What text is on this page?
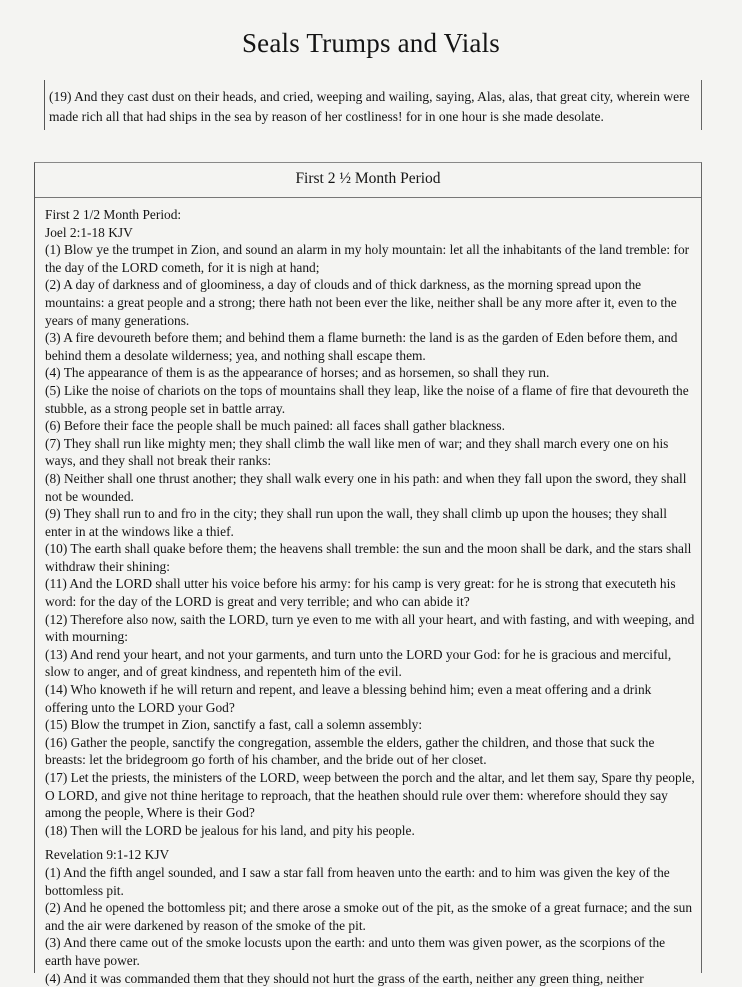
Seals Trumps and Vials

(19) And they cast dust on their heads, and cried, weeping and wailing, saying, Alas, alas, that great city, wherein were made rich all that had ships in the sea by reason of her costliness! for in one hour is she made desolate.

First 2 ½ Month Period

First 2 1/2 Month Period:

Joel 2:1-18 KJV

(1) Blow ye the trumpet in Zion, and sound an alarm in my holy mountain: let all the inhabitants of the land tremble: for the day of the LORD cometh, for it is nigh at hand;

(2) A day of darkness and of gloominess, a day of clouds and of thick darkness, as the morning spread upon the mountains: a great people and a strong; there hath not been ever the like, neither shall be any more after it, even to the years of many generations.

(3) A fire devoureth before them; and behind them a flame burneth: the land is as the garden of Eden before them, and behind them a desolate wilderness; yea, and nothing shall escape them.

(4) The appearance of them is as the appearance of horses; and as horsemen, so shall they run.

(5) Like the noise of chariots on the tops of mountains shall they leap, like the noise of a flame of fire that devoureth the stubble, as a strong people set in battle array.

(6) Before their face the people shall be much pained: all faces shall gather blackness.

(7) They shall run like mighty men; they shall climb the wall like men of war; and they shall march every one on his ways, and they shall not break their ranks:

(8) Neither shall one thrust another; they shall walk every one in his path: and when they fall upon the sword, they shall not be wounded.

(9) They shall run to and fro in the city; they shall run upon the wall, they shall climb up upon the houses; they shall enter in at the windows like a thief.

(10) The earth shall quake before them; the heavens shall tremble: the sun and the moon shall be dark, and the stars shall withdraw their shining:

(11) And the LORD shall utter his voice before his army: for his camp is very great: for he is strong that executeth his word: for the day of the LORD is great and very terrible; and who can abide it?

(12) Therefore also now, saith the LORD, turn ye even to me with all your heart, and with fasting, and with weeping, and with mourning:

(13) And rend your heart, and not your garments, and turn unto the LORD your God: for he is gracious and merciful, slow to anger, and of great kindness, and repenteth him of the evil.

(14) Who knoweth if he will return and repent, and leave a blessing behind him; even a meat offering and a drink offering unto the LORD your God?

(15) Blow the trumpet in Zion, sanctify a fast, call a solemn assembly:

(16) Gather the people, sanctify the congregation, assemble the elders, gather the children, and those that suck the breasts: let the bridegroom go forth of his chamber, and the bride out of her closet.

(17) Let the priests, the ministers of the LORD, weep between the porch and the altar, and let them say, Spare thy people, O LORD, and give not thine heritage to reproach, that the heathen should rule over them: wherefore should they say among the people, Where is their God?

(18) Then will the LORD be jealous for his land, and pity his people.

Revelation 9:1-12 KJV

(1) And the fifth angel sounded, and I saw a star fall from heaven unto the earth: and to him was given the key of the bottomless pit.

(2) And he opened the bottomless pit; and there arose a smoke out of the pit, as the smoke of a great furnace; and the sun and the air were darkened by reason of the smoke of the pit.

(3) And there came out of the smoke locusts upon the earth: and unto them was given power, as the scorpions of the earth have power.

(4) And it was commanded them that they should not hurt the grass of the earth, neither any green thing, neither
